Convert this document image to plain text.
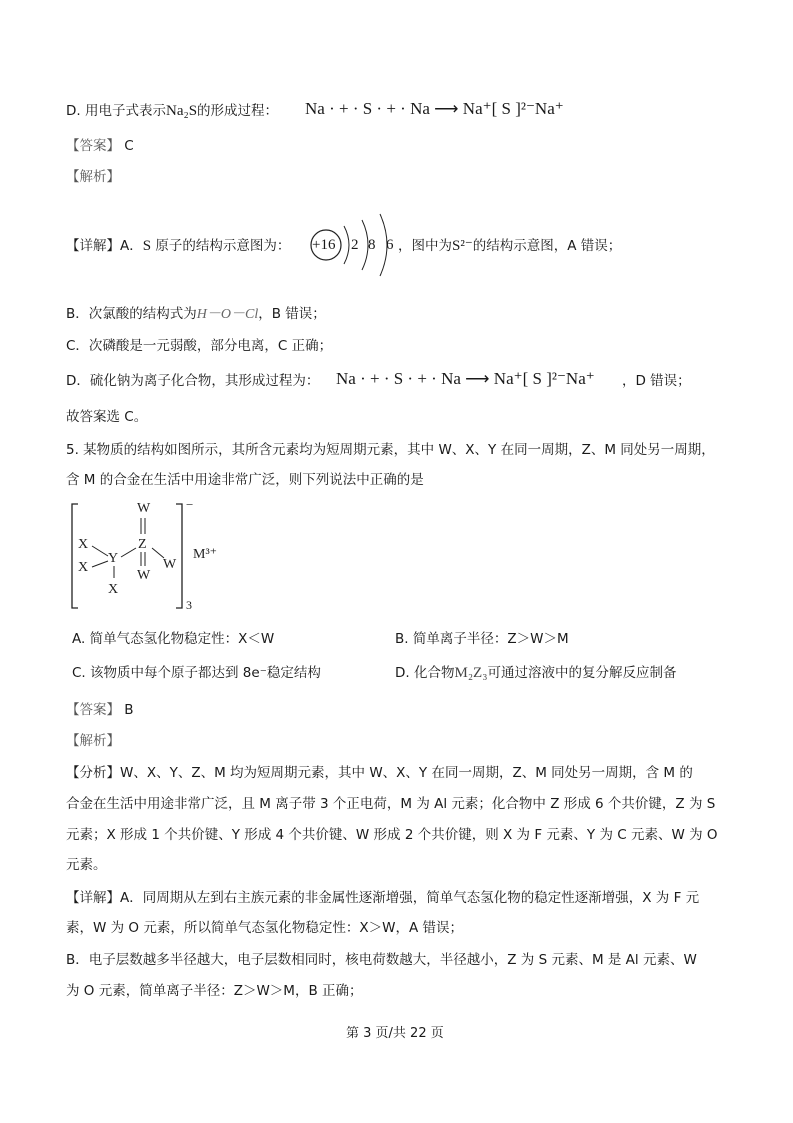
D. 用电子式表示Na₂S的形成过程： Na · + · S · + · Na ⟶ Na⁺[ S ]²⁻Na⁺
【答案】 C
【解析】
【详解】A．S 原子的结构示意图为： +16 2 8 6 ，图中为S²⁻的结构示意图，A 错误；
B．次氯酸的结构式为H－O－Cl，B 错误；
C．次磷酸是一元弱酸，部分电离，C 正确；
D．硫化钠为离子化合物，其形成过程为： Na · + · S · + · Na ⟶ Na⁺[ S ]²⁻Na⁺ ，D 错误；
故答案选 C。
5. 某物质的结构如图所示，其所含元素均为短周期元素，其中 W、X、Y 在同一周期，Z、M 同处另一周期，
含 M 的合金在生活中用途非常广泛，则下列说法中正确的是
W
X
Y
Z
W
X
W
X
−
3
M³⁺
A. 简单气态氢化物稳定性：X＜W	B. 简单离子半径：Z＞W＞M
C. 该物质中每个原子都达到 8e⁻稳定结构	D. 化合物M₂Z₃可通过溶液中的复分解反应制备
【答案】 B
【解析】
【分析】W、X、Y、Z、M 均为短周期元素，其中 W、X、Y 在同一周期，Z、M 同处另一周期，含 M 的
合金在生活中用途非常广泛，且 M 离子带 3 个正电荷，M 为 Al 元素；化合物中 Z 形成 6 个共价键，Z 为 S
元素；X 形成 1 个共价键、Y 形成 4 个共价键、W 形成 2 个共价键，则 X 为 F 元素、Y 为 C 元素、W 为 O
元素。
【详解】A．同周期从左到右主族元素的非金属性逐渐增强，简单气态氢化物的稳定性逐渐增强，X 为 F 元
素，W 为 O 元素，所以简单气态氢化物稳定性：X＞W，A 错误；
B．电子层数越多半径越大，电子层数相同时，核电荷数越大，半径越小，Z 为 S 元素、M 是 Al 元素、W
为 O 元素，简单离子半径：Z＞W＞M，B 正确；
第 3 页/共 22 页
